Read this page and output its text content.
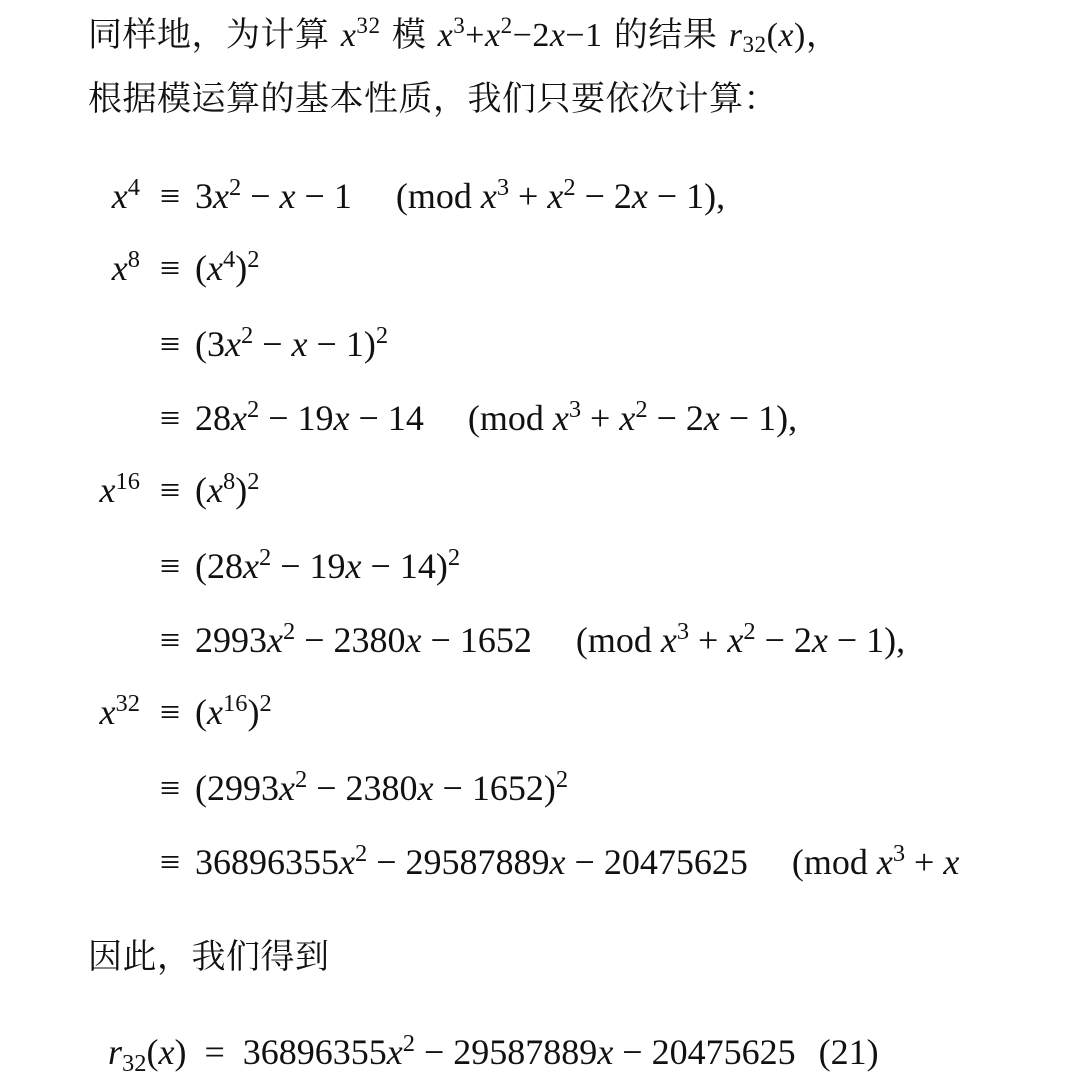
同样地，为计算 $x^{32}$ 模 $x^3+x^2-2x-1$ 的结果 $r_{32}(x)$，
根据模运算的基本性质，我们只要依次计算：
$x^4 \equiv 3x^2 - x - 1$ (mod $x^3 + x^2 - 2x - 1$),
$x^8 \equiv (x^4)^2$
≡ $(3x^2 - x - 1)^2$
≡ $28x^2 - 19x - 14$ (mod $x^3 + x^2 - 2x - 1$),
$x^{16} \equiv (x^8)^2$
≡ $(28x^2 - 19x - 14)^2$
≡ $2993x^2 - 2380x - 1652$ (mod $x^3 + x^2 - 2x - 1$),
$x^{32} \equiv (x^{16})^2$
≡ $(2993x^2 - 2380x - 1652)^2$
≡ $36896355x^2 - 29587889x - 20475625$ (mod $x^3 + x$
因此，我们得到
$r_{32}(x) = 36896355x^2 - 29587889x - 20475625$ (21)
